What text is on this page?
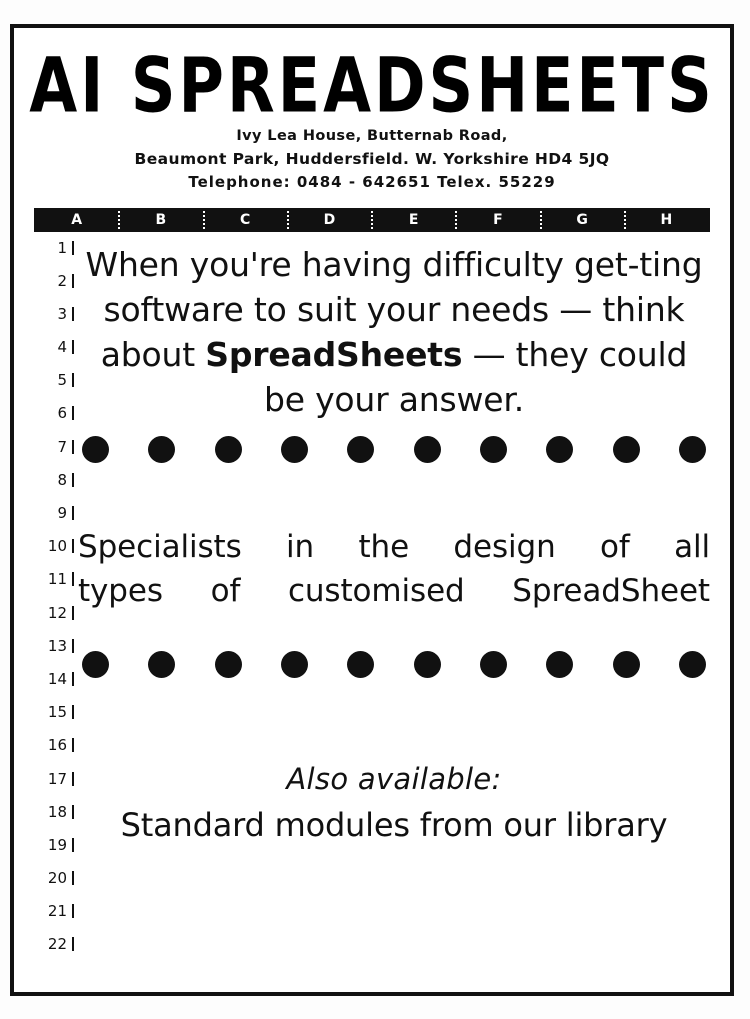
AI SPREADSHEETS
Ivy Lea House, Butternab Road,
Beaumont Park, Huddersfield. W. Yorkshire HD4 5JQ
Telephone: 0484 - 642651 Telex. 55229
A	B	C	D	E	F	G	H
1
2
3
4
5
6
7
8
9
10
11
12
13
14
15
16
17
18
19
20
21
22
When you're having difficulty get-ting software to suit your needs — think about SpreadSheets — they could be your answer.
Specialists in the design of all
types of customised SpreadSheet
Also available:
Standard modules from our library
